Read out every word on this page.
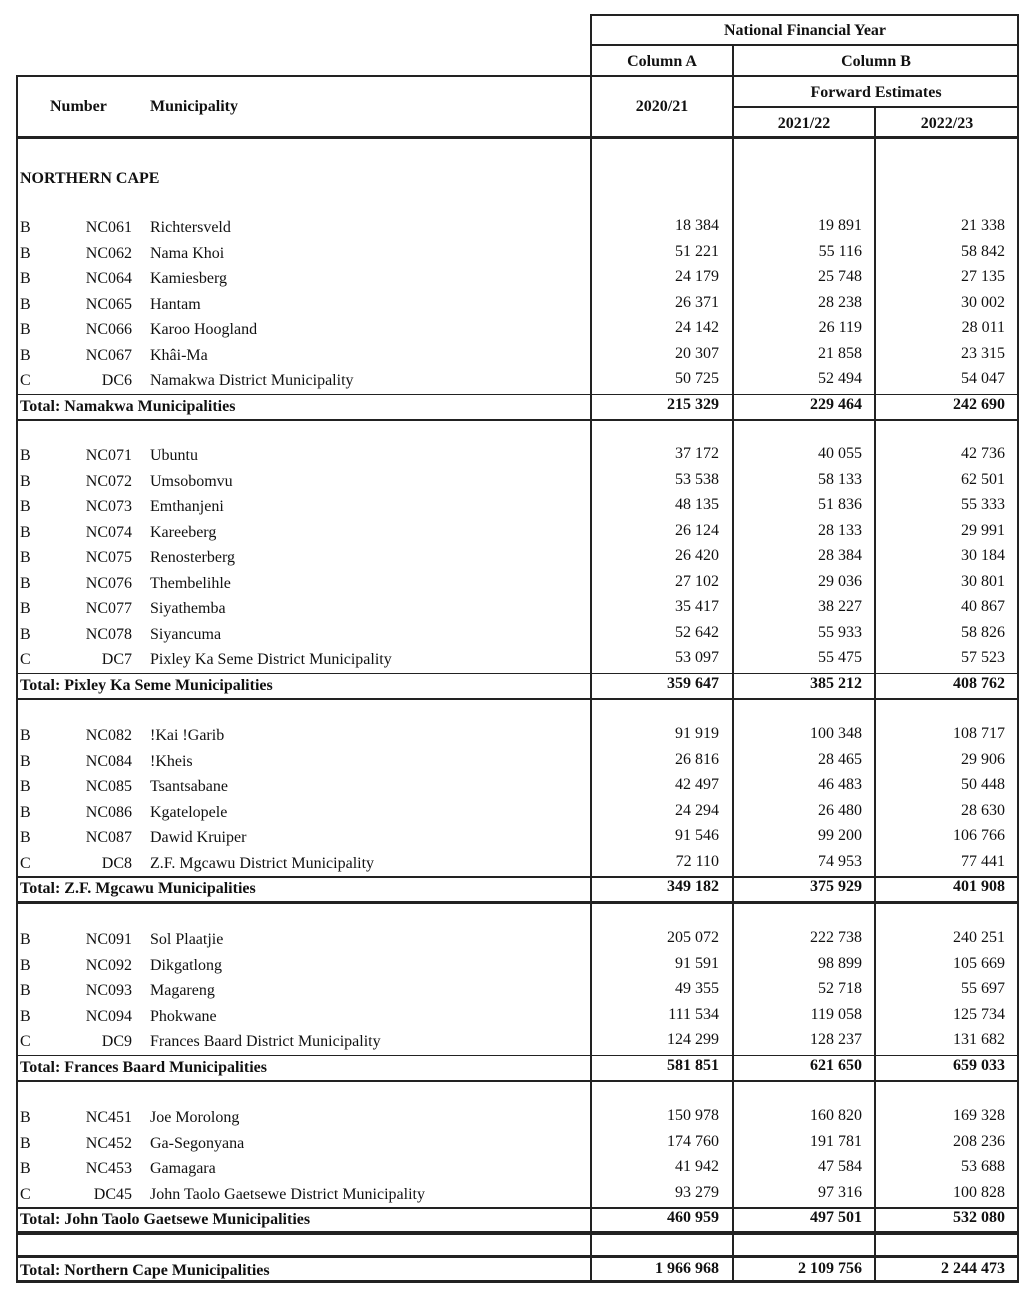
National Financial Year
Column A	Column B
Forward Estimates
Number	Municipality	2020/21
2021/22	2022/23
NORTHERN CAPE
B	NC061 Richtersveld	18 384	19 891	21 338
B	NC062 Nama Khoi	51 221	55 116	58 842
B	NC064 Kamiesberg	24 179	25 748	27 135
B	NC065 Hantam	26 371	28 238	30 002
B	NC066 Karoo Hoogland	24 142	26 119	28 011
B	NC067 Khâi-Ma	20 307	21 858	23 315
C	DC6 Namakwa District Municipality	50 725	52 494	54 047
Total: Namakwa Municipalities	215 329	229 464	242 690
B	NC071 Ubuntu	37 172	40 055	42 736
B	NC072 Umsobomvu	53 538	58 133	62 501
B	NC073 Emthanjeni	48 135	51 836	55 333
B	NC074 Kareeberg	26 124	28 133	29 991
B	NC075 Renosterberg	26 420	28 384	30 184
B	NC076 Thembelihle	27 102	29 036	30 801
B	NC077 Siyathemba	35 417	38 227	40 867
B	NC078 Siyancuma	52 642	55 933	58 826
C	DC7 Pixley Ka Seme District Municipality	53 097	55 475	57 523
Total: Pixley Ka Seme Municipalities	359 647	385 212	408 762
B	NC082 !Kai !Garib	91 919	100 348	108 717
B	NC084 !Kheis	26 816	28 465	29 906
B	NC085 Tsantsabane	42 497	46 483	50 448
B	NC086 Kgatelopele	24 294	26 480	28 630
B	NC087 Dawid Kruiper	91 546	99 200	106 766
C	DC8 Z.F. Mgcawu District Municipality	72 110	74 953	77 441
Total: Z.F. Mgcawu Municipalities	349 182	375 929	401 908
B	NC091 Sol Plaatjie	205 072	222 738	240 251
B	NC092 Dikgatlong	91 591	98 899	105 669
B	NC093 Magareng	49 355	52 718	55 697
B	NC094 Phokwane	111 534	119 058	125 734
C	DC9 Frances Baard District Municipality	124 299	128 237	131 682
Total: Frances Baard Municipalities	581 851	621 650	659 033
B	NC451 Joe Morolong	150 978	160 820	169 328
B	NC452 Ga-Segonyana	174 760	191 781	208 236
B	NC453 Gamagara	41 942	47 584	53 688
C	DC45 John Taolo Gaetsewe District Municipality	93 279	97 316	100 828
Total: John Taolo Gaetsewe Municipalities	460 959	497 501	532 080
Total: Northern Cape Municipalities	1 966 968	2 109 756	2 244 473
